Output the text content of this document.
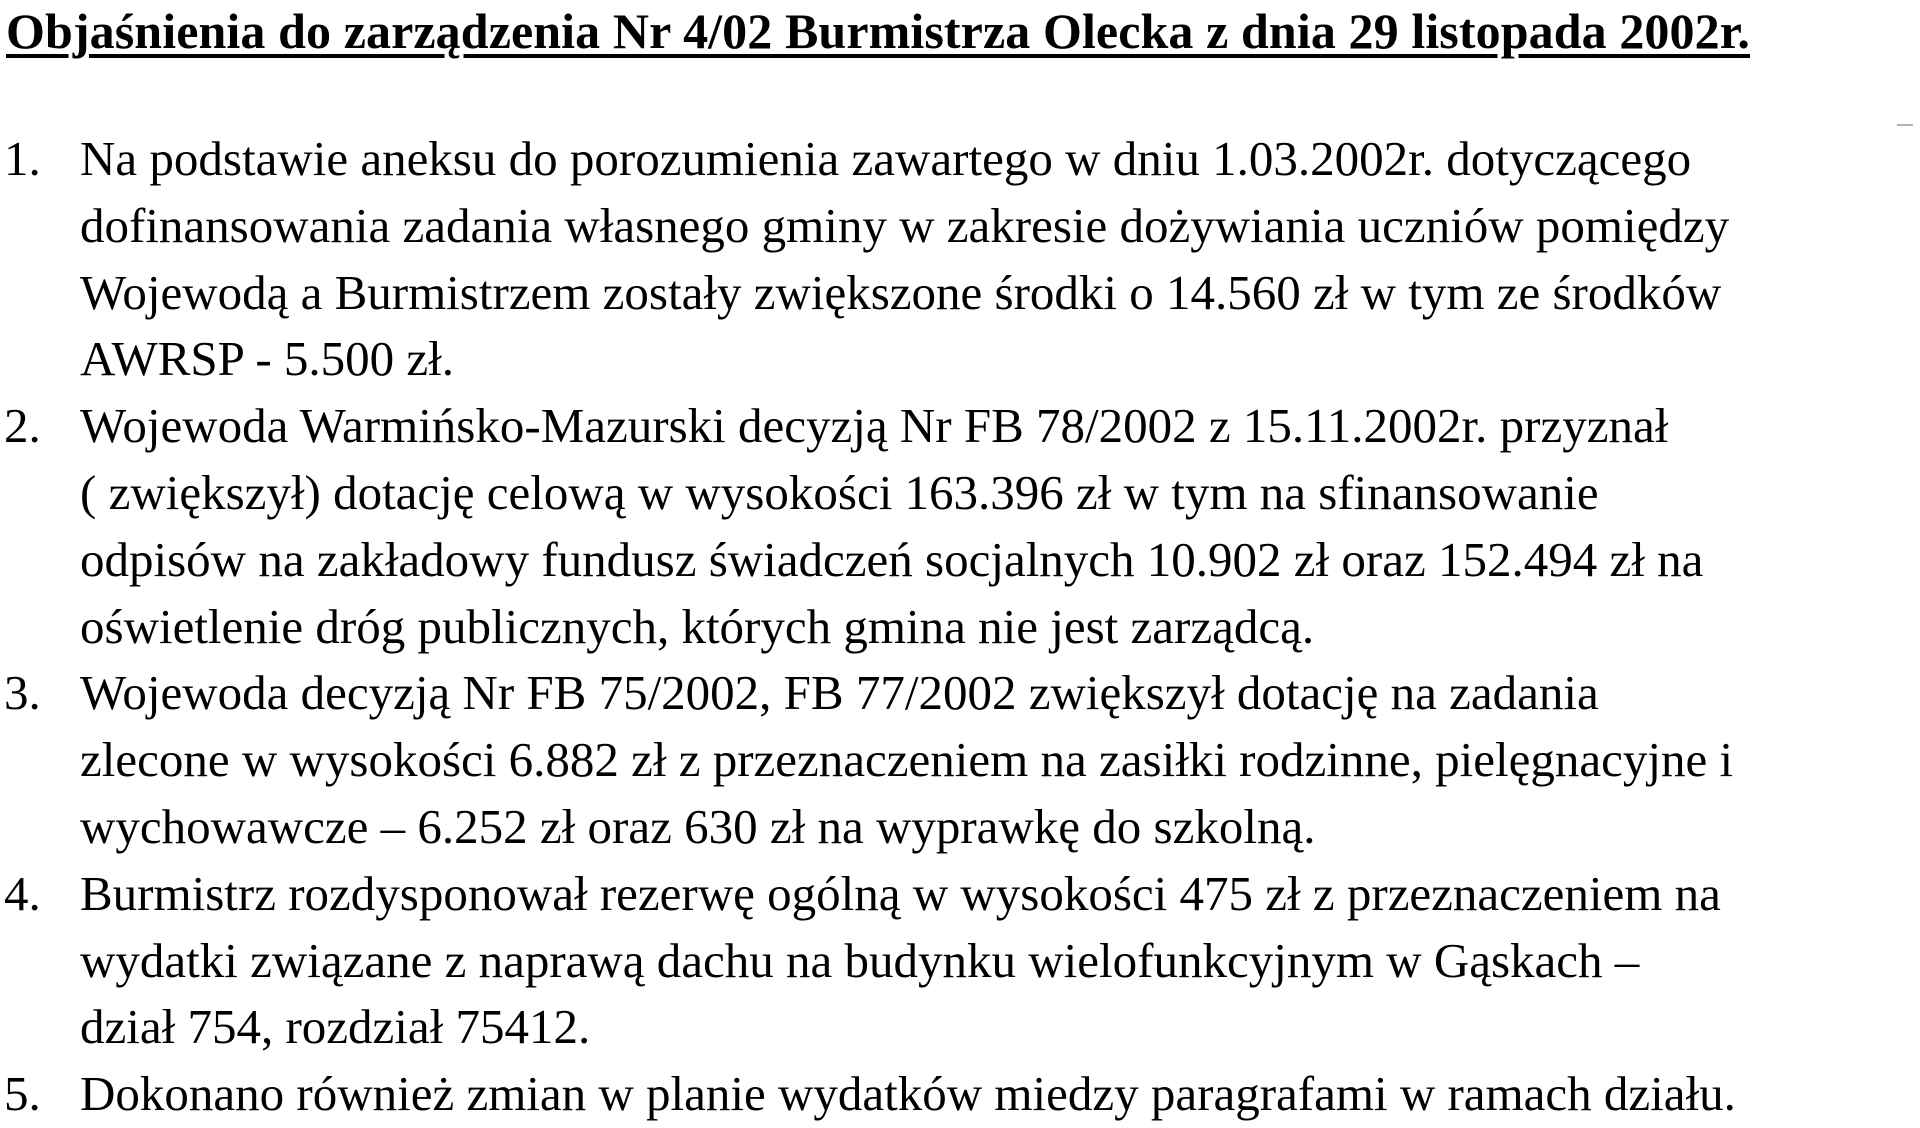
Objaśnienia do zarządzenia Nr 4/02 Burmistrza Olecka z dnia 29 listopada 2002r.
1. Na podstawie aneksu do porozumienia zawartego w dniu 1.03.2002r. dotyczącego
dofinansowania zadania własnego gminy w zakresie dożywiania uczniów pomiędzy
Wojewodą a Burmistrzem zostały zwiększone środki o 14.560 zł w tym ze środków
AWRSP - 5.500 zł.
2. Wojewoda Warmińsko-Mazurski decyzją Nr FB 78/2002 z 15.11.2002r. przyznał
( zwiększył) dotację celową w wysokości 163.396 zł w tym na sfinansowanie
odpisów na zakładowy fundusz świadczeń socjalnych 10.902 zł oraz 152.494 zł na
oświetlenie dróg publicznych, których gmina nie jest zarządcą.
3. Wojewoda decyzją Nr FB 75/2002, FB 77/2002 zwiększył dotację na zadania
zlecone w wysokości 6.882 zł z przeznaczeniem na zasiłki rodzinne, pielęgnacyjne i
wychowawcze – 6.252 zł oraz 630 zł na wyprawkę do szkolną.
4. Burmistrz rozdysponował rezerwę ogólną w wysokości 475 zł z przeznaczeniem na
wydatki związane z naprawą dachu na budynku wielofunkcyjnym w Gąskach –
dział 754, rozdział 75412.
5. Dokonano również zmian w planie wydatków miedzy paragrafami w ramach działu.
